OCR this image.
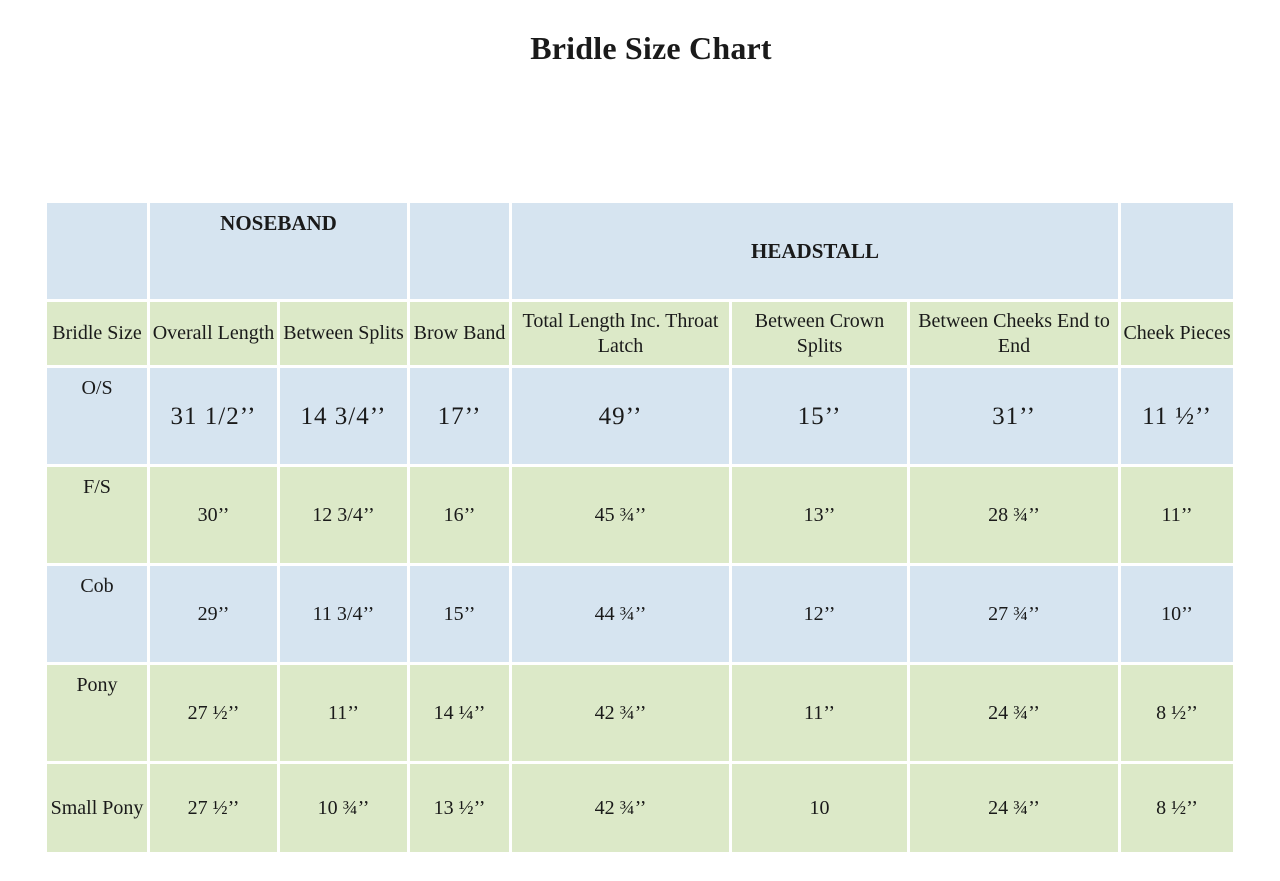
Bridle Size Chart
	NOSEBAND			HEADSTALL			
Bridle Size	Overall Length	Between Splits	Brow Band	Total Length Inc. Throat Latch	Between Crown Splits	Between Cheeks End to End	Cheek Pieces
O/S	31 1/2’’	14 3/4’’	17’’	49’’	15’’	31’’	11 ½’’
F/S	30’’	12 3/4’’	16’’	45 ¾’’	13’’	28 ¾’’	11’’
Cob	29’’	11 3/4’’	15’’	44 ¾’’	12’’	27 ¾’’	10’’
Pony	27 ½’’	11’’	14 ¼’’	42 ¾’’	11’’	24 ¾’’	8 ½’’
Small Pony	27 ½’’	10 ¾’’	13 ½’’	42 ¾’’	10	24 ¾’’	8 ½’’
